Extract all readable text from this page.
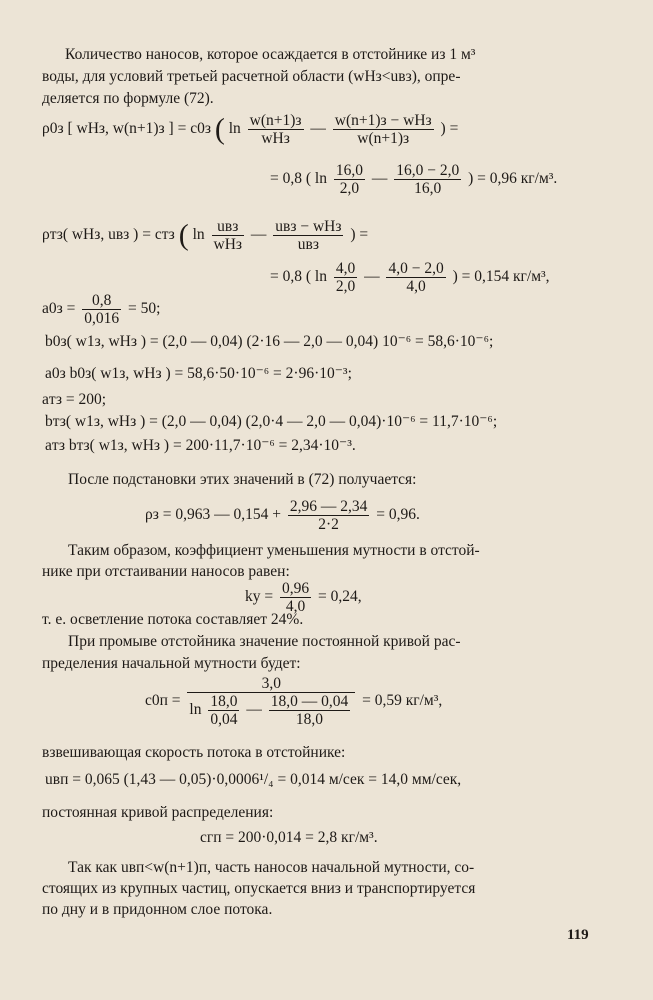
Количество наносов, которое осаждается в отстойнике из 1 м³
воды, для условий третьей расчетной области (wНз<uвз), опре-
деляется по формуле (72).
ρ0з [ wНз, w(n+1)з ] = c0з ( $\ln \frac{w(n+1)з}{\text{wНз}}$ — $\frac{\text{w(n+1)з − wНз}}{w(n+1)з}$ ) =
= 0,8 ( $\ln \frac{16,0}{2,0}$ — $\frac{16,0 - 2,0}{16,0}$ ) = 0,96 кг/м³.
ρтз( wНз, uвз ) = cтз ( $\ln \frac{\text{uвз}}{\text{wНз}}$ — $\frac{\text{uвз − wНз}}{\text{uвз}}$ ) =
= 0,8 ( $\ln \frac{4,0}{2,0}$ — $\frac{4,0 - 2,0}{4,0}$ ) = 0,154 кг/м³,
$a0з = \frac{0,8}{0,016} = 50$;
b0з( w1з, wНз ) = (2,0 — 0,04) (2·16 — 2,0 — 0,04) 10⁻⁶ = 58,6·10⁻⁶;
a0з b0з( w1з, wНз ) = 58,6·50·10⁻⁶ = 2·96·10⁻³;
aтз = 200;
bтз( w1з, wНз ) = (2,0 — 0,04) (2,0·4 — 2,0 — 0,04)·10⁻⁶ = 11,7·10⁻⁶;
aтз bтз( w1з, wНз ) = 200·11,7·10⁻⁶ = 2,34·10⁻³.
После подстановки этих значений в (72) получается:
ρз = 0,963 — $0,154 + \frac{2,96 — 2,34}{2\cdot 2} = 0,96$.
Таким образом, коэффициент уменьшения мутности в отстой-
нике при отстаивании наносов равен:
kу = $\frac{0,96}{4,0} = 0,24$,
т. е. осветление потока составляет 24%.
При промыве отстойника значение постоянной кривой рас-
пределения начальной мутности будет:
$c0п = \frac{3,0}{\ln \frac{18,0}{0,04} — \frac{18,0 — 0,04}{18,0}} = 0,59$ кг/м³,
взвешивающая скорость потока в отстойнике:
uвп = 0,065 (1,43 — 0,05)·0,0006¹/₄ = 0,014 м/сек = 14,0 мм/сек,
постоянная кривой распределения:
cгп = 200·0,014 = 2,8 кг/м³.
Так как uвп<w(n+1)п, часть наносов начальной мутности, со-
стоящих из крупных частиц, опускается вниз и транспортируется
по дну и в придонном слое потока.
119
